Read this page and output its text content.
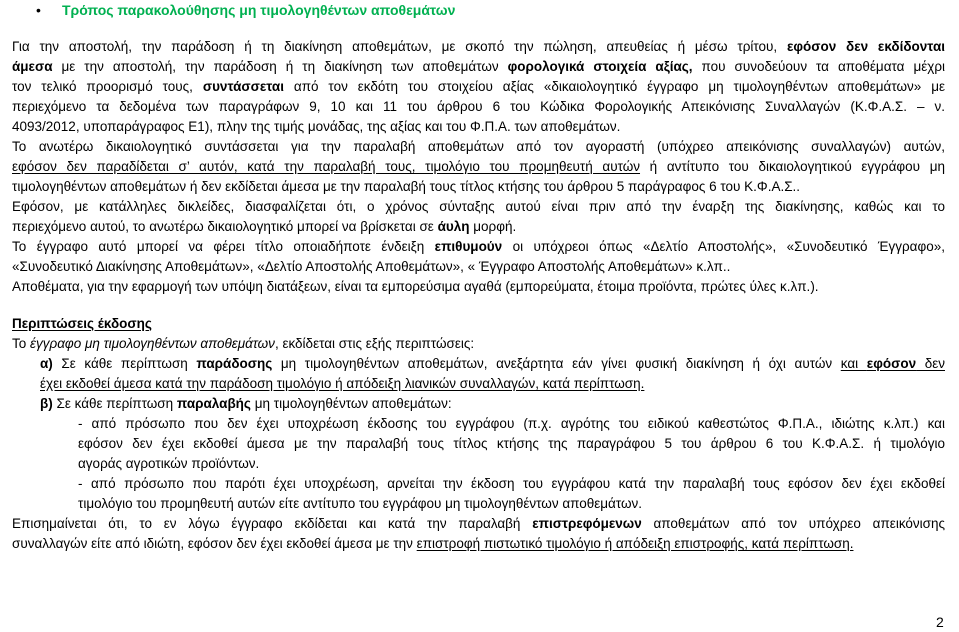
• Τρόπος παρακολούθησης μη τιμολογηθέντων αποθεμάτων
Για την αποστολή, την παράδοση ή τη διακίνηση αποθεμάτων, με σκοπό την πώληση, απευθείας ή μέσω τρίτου, εφόσον δεν εκδίδονται
άμεσα με την αποστολή, την παράδοση ή τη διακίνηση των αποθεμάτων φορολογικά στοιχεία αξίας, που συνοδεύουν τα αποθέματα μέχρι
τον τελικό προορισμό τους, συντάσσεται από τον εκδότη του στοιχείου αξίας «δικαιολογητικό έγγραφο μη τιμολογηθέντων αποθεμάτων» με
περιεχόμενο τα δεδομένα των παραγράφων 9, 10 και 11 του άρθρου 6 του Κώδικα Φορολογικής Απεικόνισης Συναλλαγών (Κ.Φ.Α.Σ. – ν.
4093/2012, υποπαράγραφος Ε1), πλην της τιμής μονάδας, της αξίας και του Φ.Π.Α. των αποθεμάτων.
Το ανωτέρω δικαιολογητικό συντάσσεται για την παραλαβή αποθεμάτων από τον αγοραστή (υπόχρεο απεικόνισης συναλλαγών) αυτών,
εφόσον δεν παραδίδεται σ’ αυτόν, κατά την παραλαβή τους, τιμολόγιο του προμηθευτή αυτών ή αντίτυπο του δικαιολογητικού εγγράφου μη
τιμολογηθέντων αποθεμάτων ή δεν εκδίδεται άμεσα με την παραλαβή τους τίτλος κτήσης του άρθρου 5 παράγραφος 6 του Κ.Φ.Α.Σ..
Εφόσον, με κατάλληλες δικλείδες, διασφαλίζεται ότι, ο χρόνος σύνταξης αυτού είναι πριν από την έναρξη της διακίνησης, καθώς και το
περιεχόμενο αυτού, το ανωτέρω δικαιολογητικό μπορεί να βρίσκεται σε άυλη μορφή.
Το έγγραφο αυτό μπορεί να φέρει τίτλο οποιαδήποτε ένδειξη επιθυμούν οι υπόχρεοι όπως «Δελτίο Αποστολής», «Συνοδευτικό Έγγραφο»,
«Συνοδευτικό Διακίνησης Αποθεμάτων», «Δελτίο Αποστολής Αποθεμάτων», « Έγγραφο Αποστολής Αποθεμάτων» κ.λπ..
Αποθέματα, για την εφαρμογή των υπόψη διατάξεων, είναι τα εμπορεύσιμα αγαθά (εμπορεύματα, έτοιμα προϊόντα, πρώτες ύλες κ.λπ.).
Περιπτώσεις έκδοσης
Το έγγραφο μη τιμολογηθέντων αποθεμάτων, εκδίδεται στις εξής περιπτώσεις:
α) Σε κάθε περίπτωση παράδοσης μη τιμολογηθέντων αποθεμάτων, ανεξάρτητα εάν γίνει φυσική διακίνηση ή όχι αυτών και εφόσον δεν
έχει εκδοθεί άμεσα κατά την παράδοση τιμολόγιο ή απόδειξη λιανικών συναλλαγών, κατά περίπτωση.
β) Σε κάθε περίπτωση παραλαβής μη τιμολογηθέντων αποθεμάτων:
- από πρόσωπο που δεν έχει υποχρέωση έκδοσης του εγγράφου (π.χ. αγρότης του ειδικού καθεστώτος Φ.Π.Α., ιδιώτης κ.λπ.) και
εφόσον δεν έχει εκδοθεί άμεσα με την παραλαβή τους τίτλος κτήσης της παραγράφου 5 του άρθρου 6 του Κ.Φ.Α.Σ. ή τιμολόγιο
αγοράς αγροτικών προϊόντων.
- από πρόσωπο που παρότι έχει υποχρέωση, αρνείται την έκδοση του εγγράφου κατά την παραλαβή τους εφόσον δεν έχει εκδοθεί
τιμολόγιο του προμηθευτή αυτών είτε αντίτυπο του εγγράφου μη τιμολογηθέντων αποθεμάτων.
Επισημαίνεται ότι, το εν λόγω έγγραφο εκδίδεται και κατά την παραλαβή επιστρεφόμενων αποθεμάτων από τον υπόχρεο απεικόνισης
συναλλαγών είτε από ιδιώτη, εφόσον δεν έχει εκδοθεί άμεσα με την επιστροφή πιστωτικό τιμολόγιο ή απόδειξη επιστροφής, κατά περίπτωση.
2
